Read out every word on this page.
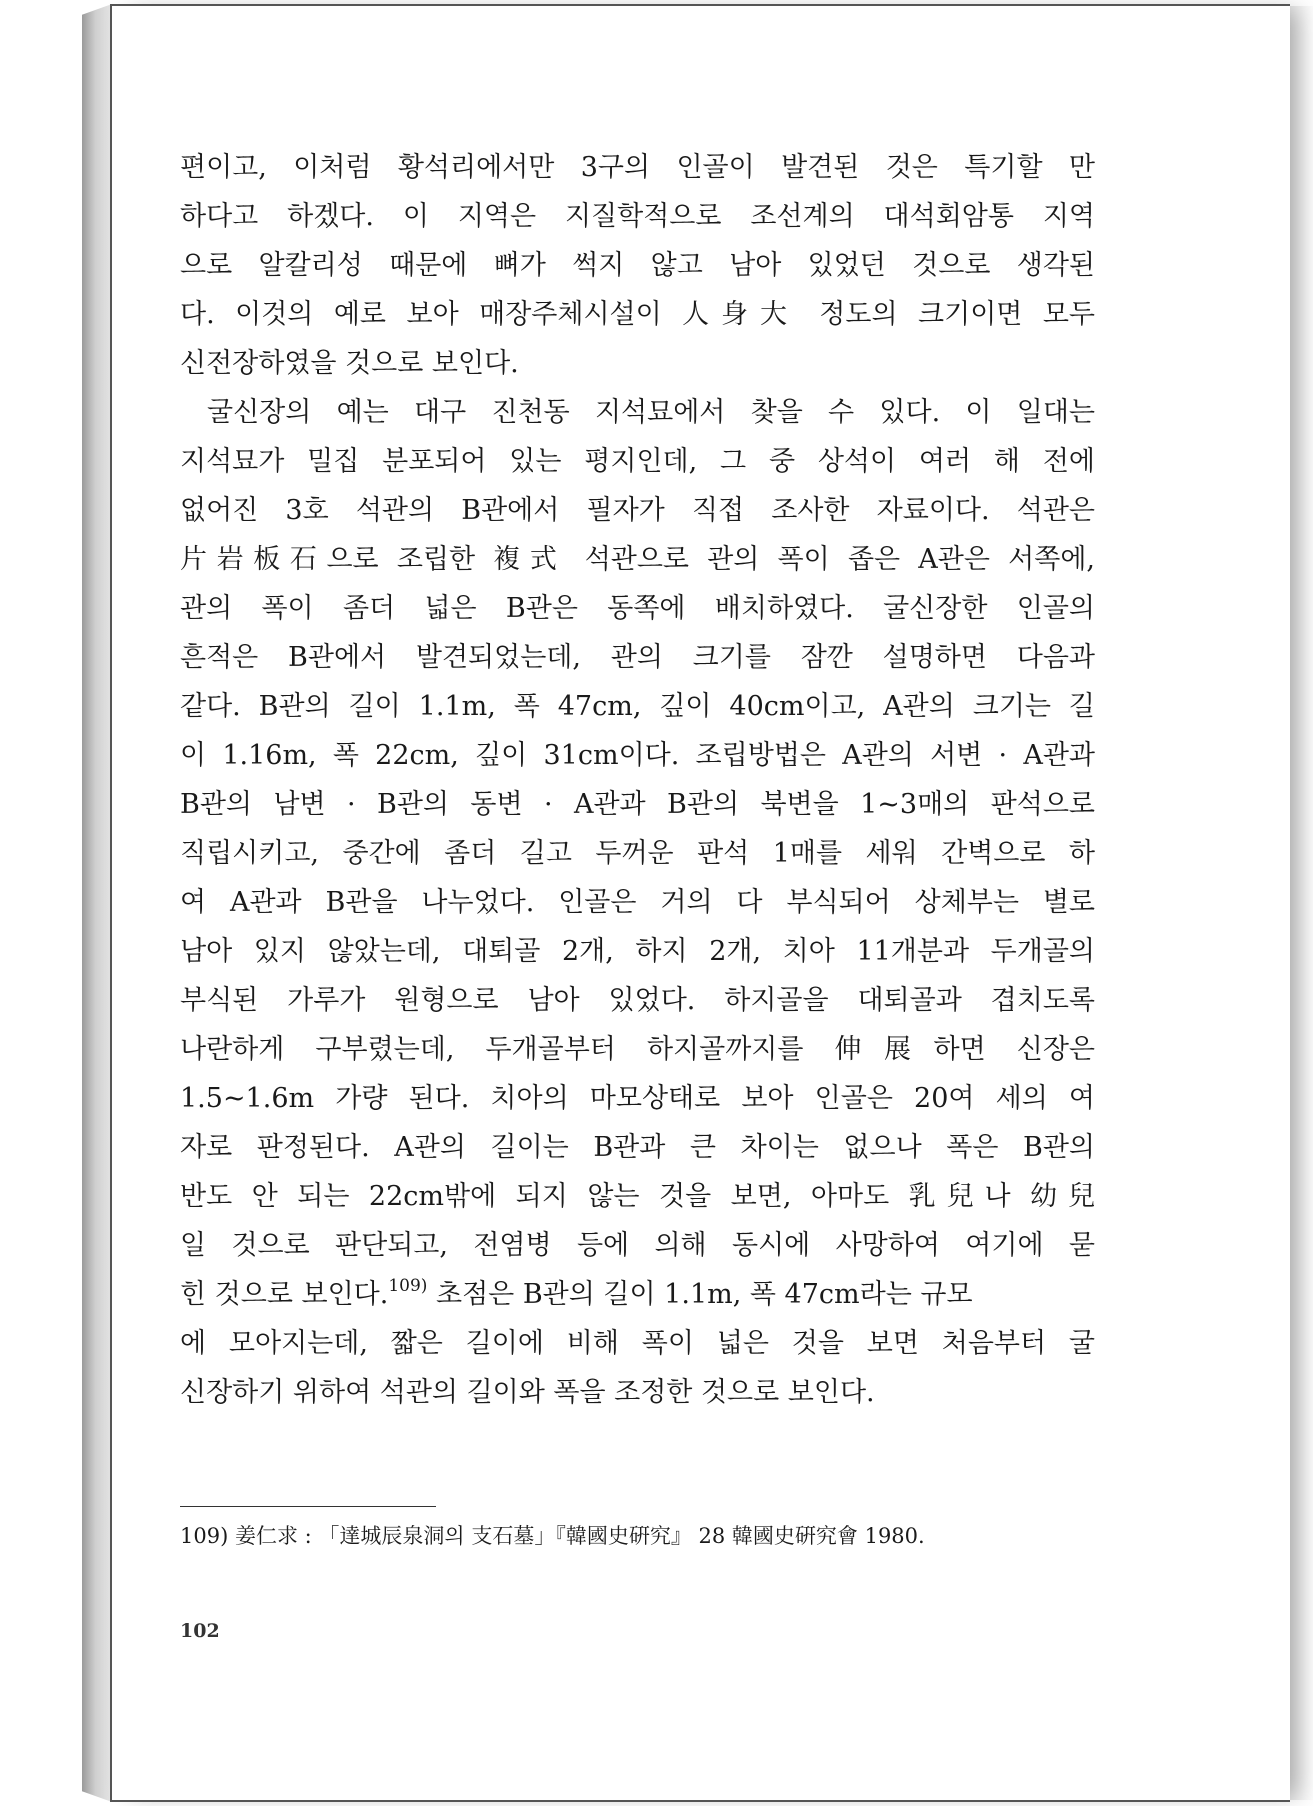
편이고, 이처럼 황석리에서만 3구의 인골이 발견된 것은 특기할 만
하다고 하겠다. 이 지역은 지질학적으로 조선계의 대석회암통 지역
으로 알칼리성 때문에 뼈가 썩지 않고 남아 있었던 것으로 생각된
다. 이것의 예로 보아 매장주체시설이 人身大 정도의 크기이면 모두
신전장하였을 것으로 보인다.
굴신장의 예는 대구 진천동 지석묘에서 찾을 수 있다. 이 일대는
지석묘가 밀집 분포되어 있는 평지인데, 그 중 상석이 여러 해 전에
없어진 3호 석관의 B관에서 필자가 직접 조사한 자료이다. 석관은
片岩板石으로 조립한 複式 석관으로 관의 폭이 좁은 A관은 서쪽에,
관의 폭이 좀더 넓은 B관은 동쪽에 배치하였다. 굴신장한 인골의
흔적은 B관에서 발견되었는데, 관의 크기를 잠깐 설명하면 다음과
같다. B관의 길이 1.1m, 폭 47cm, 깊이 40cm이고, A관의 크기는 길
이 1.16m, 폭 22cm, 깊이 31cm이다. 조립방법은 A관의 서변 · A관과
B관의 남변 · B관의 동변 · A관과 B관의 북변을 1~3매의 판석으로
직립시키고, 중간에 좀더 길고 두꺼운 판석 1매를 세워 간벽으로 하
여 A관과 B관을 나누었다. 인골은 거의 다 부식되어 상체부는 별로
남아 있지 않았는데, 대퇴골 2개, 하지 2개, 치아 11개분과 두개골의
부식된 가루가 원형으로 남아 있었다. 하지골을 대퇴골과 겹치도록
나란하게 구부렸는데, 두개골부터 하지골까지를 伸展하면 신장은
1.5~1.6m 가량 된다. 치아의 마모상태로 보아 인골은 20여 세의 여
자로 판정된다. A관의 길이는 B관과 큰 차이는 없으나 폭은 B관의
반도 안 되는 22cm밖에 되지 않는 것을 보면, 아마도 乳兒나 幼兒
일 것으로 판단되고, 전염병 등에 의해 동시에 사망하여 여기에 묻
힌 것으로 보인다.$^{109)}$ 초점은 B관의 길이 1.1m, 폭 47cm라는 규모
에 모아지는데, 짧은 길이에 비해 폭이 넓은 것을 보면 처음부터 굴
신장하기 위하여 석관의 길이와 폭을 조정한 것으로 보인다.
109) 姜仁求 : 「達城辰泉洞의 支石墓」『韓國史硏究』 28 韓國史硏究會 1980.
102
